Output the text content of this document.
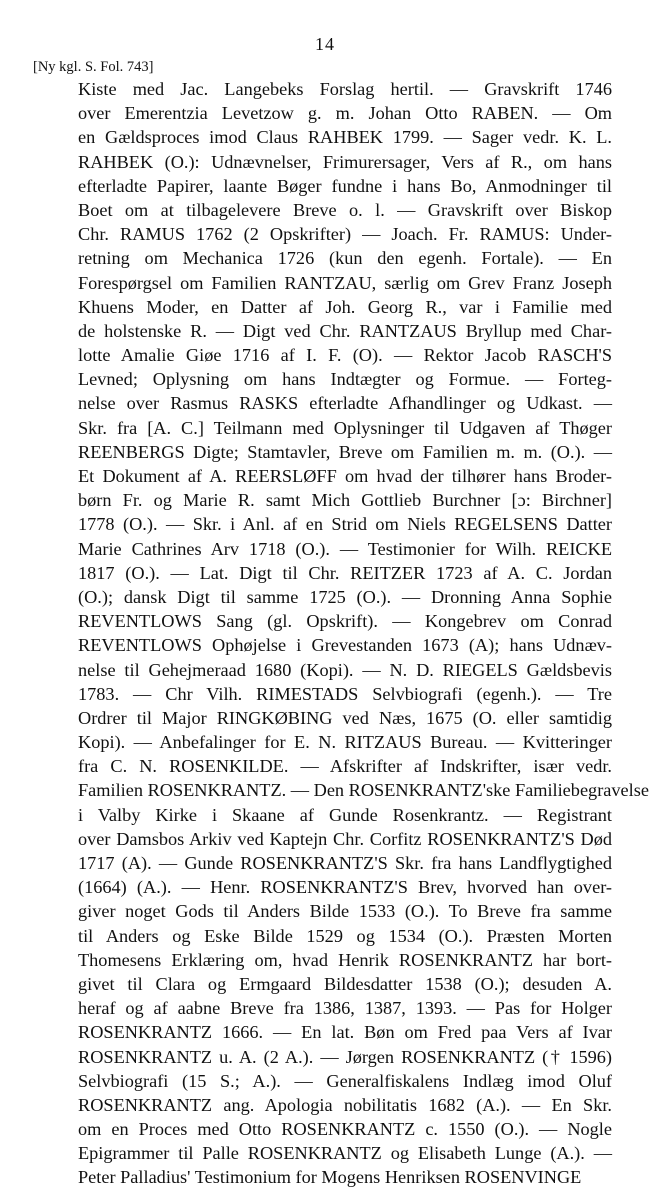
14
[Ny kgl. S. Fol. 743]
Kiste med Jac. Langebeks Forslag hertil. — Gravskrift 1746
over Emerentzia Levetzow g. m. Johan Otto RABEN. — Om
en Gældsproces imod Claus RAHBEK 1799. — Sager vedr. K. L.
RAHBEK (O.): Udnævnelser, Frimurersager, Vers af R., om hans
efterladte Papirer, laante Bøger fundne i hans Bo, Anmodninger til
Boet om at tilbagelevere Breve o. l. — Gravskrift over Biskop
Chr. RAMUS 1762 (2 Opskrifter) — Joach. Fr. RAMUS: Under-
retning om Mechanica 1726 (kun den egenh. Fortale). — En
Forespørgsel om Familien RANTZAU, særlig om Grev Franz Joseph
Khuens Moder, en Datter af Joh. Georg R., var i Familie med
de holstenske R. — Digt ved Chr. RANTZAUS Bryllup med Char-
lotte Amalie Giøe 1716 af I. F. (O). — Rektor Jacob RASCH'S
Levned; Oplysning om hans Indtægter og Formue. — Forteg-
nelse over Rasmus RASKS efterladte Afhandlinger og Udkast. —
Skr. fra [A. C.] Teilmann med Oplysninger til Udgaven af Thøger
REENBERGS Digte; Stamtavler, Breve om Familien m. m. (O.). —
Et Dokument af A. REERSLØFF om hvad der tilhører hans Broder-
børn Fr. og Marie R. samt Mich Gottlieb Burchner [ɔ: Birchner]
1778 (O.). — Skr. i Anl. af en Strid om Niels REGELSENS Datter
Marie Cathrines Arv 1718 (O.). — Testimonier for Wilh. REICKE
1817 (O.). — Lat. Digt til Chr. REITZER 1723 af A. C. Jordan
(O.); dansk Digt til samme 1725 (O.). — Dronning Anna Sophie
REVENTLOWS Sang (gl. Opskrift). — Kongebrev om Conrad
REVENTLOWS Ophøjelse i Grevestanden 1673 (A); hans Udnæv-
nelse til Gehejmeraad 1680 (Kopi). — N. D. RIEGELS Gældsbevis
1783. — Chr Vilh. RIMESTADS Selvbiografi (egenh.). — Tre
Ordrer til Major RINGKØBING ved Næs, 1675 (O. eller samtidig
Kopi). — Anbefalinger for E. N. RITZAUS Bureau. — Kvitteringer
fra C. N. ROSENKILDE. — Afskrifter af Indskrifter, især vedr.
Familien ROSENKRANTZ. — Den ROSENKRANTZ'ske Familiebegravelse
i Valby Kirke i Skaane af Gunde Rosenkrantz. — Registrant
over Damsbos Arkiv ved Kaptejn Chr. Corfitz ROSENKRANTZ'S Død
1717 (A). — Gunde ROSENKRANTZ'S Skr. fra hans Landflygtighed
(1664) (A.). — Henr. ROSENKRANTZ'S Brev, hvorved han over-
giver noget Gods til Anders Bilde 1533 (O.). To Breve fra samme
til Anders og Eske Bilde 1529 og 1534 (O.). Præsten Morten
Thomesens Erklæring om, hvad Henrik ROSENKRANTZ har bort-
givet til Clara og Ermgaard Bildesdatter 1538 (O.); desuden A.
heraf og af aabne Breve fra 1386, 1387, 1393. — Pas for Holger
ROSENKRANTZ 1666. — En lat. Bøn om Fred paa Vers af Ivar
ROSENKRANTZ u. A. (2 A.). — Jørgen ROSENKRANTZ († 1596)
Selvbiografi (15 S.; A.). — Generalfiskalens Indlæg imod Oluf
ROSENKRANTZ ang. Apologia nobilitatis 1682 (A.). — En Skr.
om en Proces med Otto ROSENKRANTZ c. 1550 (O.). — Nogle
Epigrammer til Palle ROSENKRANTZ og Elisabeth Lunge (A.). —
Peter Palladius' Testimonium for Mogens Henriksen ROSENVINGE
